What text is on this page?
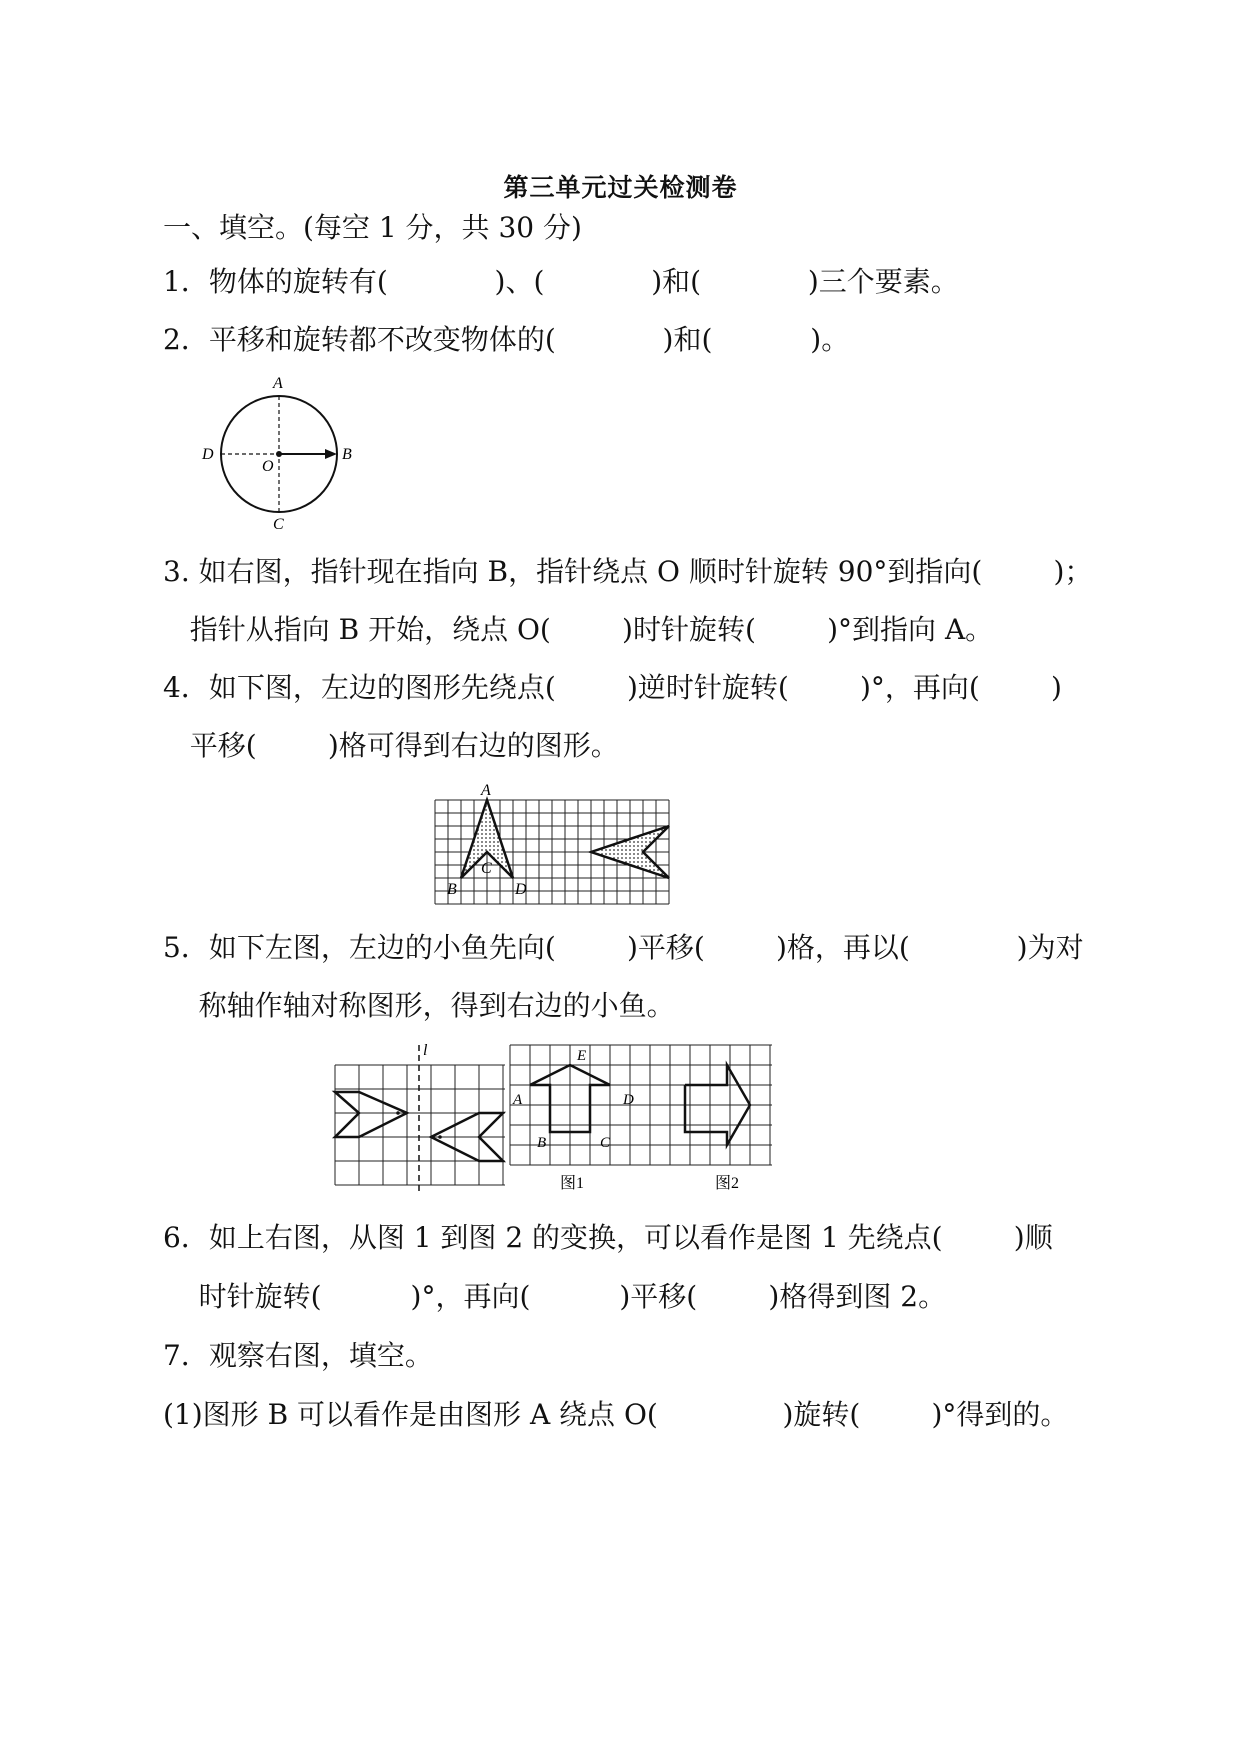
第三单元过关检测卷
一、填空。(每空 1 分，共 30 分)
1．物体的旋转有(            )、(            )和(            )三个要素。
2．平移和旋转都不改变物体的(            )和(           )。
A
B
C
D
O
3. 如右图，指针现在指向 B，指针绕点 O 顺时针旋转 90°到指向(        )；
指针从指向 B 开始，绕点 O(        )时针旋转(        )°到指向 A。
4．如下图，左边的图形先绕点(        )逆时针旋转(        )°，再向(        )
平移(        )格可得到右边的图形。
A
B
C
D
5．如下左图，左边的小鱼先向(        )平移(        )格，再以(            )为对
称轴作轴对称图形，得到右边的小鱼。
l	E
A	D
B	C
图1	图2
6．如上右图，从图 1 到图 2 的变换，可以看作是图 1 先绕点(        )顺
时针旋转(          )°，再向(          )平移(        )格得到图 2。
7．观察右图，填空。
(1)图形 B 可以看作是由图形 A 绕点 O(              )旋转(        )°得到的。
